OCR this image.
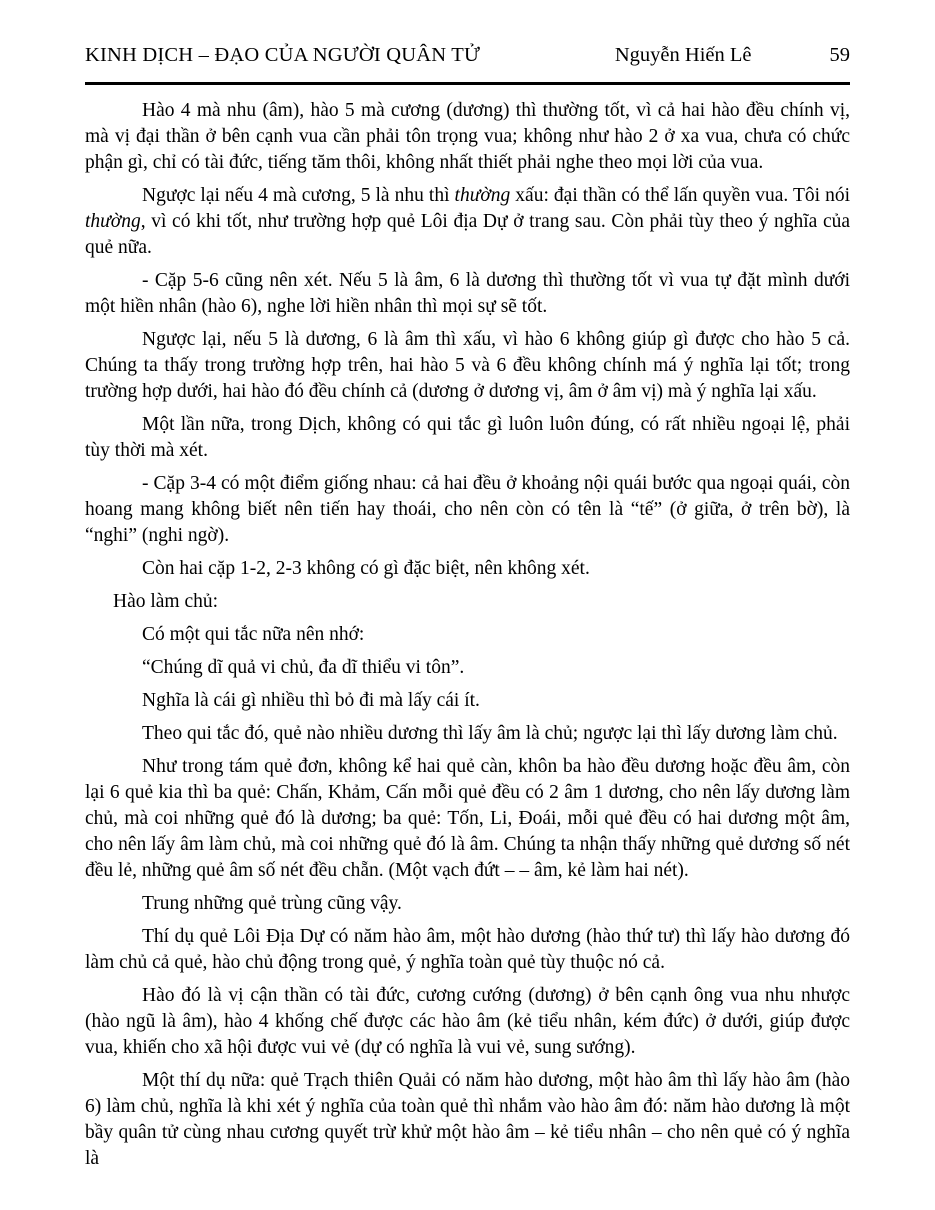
KINH DỊCH – ĐẠO CỦA NGƯỜI QUÂN TỬ	Nguyễn Hiến Lê	59

Hào 4 mà nhu (âm), hào 5 mà cương (dương) thì thường tốt, vì cả hai hào đều chính vị, mà vị đại thần ở bên cạnh vua cần phải tôn trọng vua; không như hào 2 ở xa vua, chưa có chức phận gì, chỉ có tài đức, tiếng tăm thôi, không nhất thiết phải nghe theo mọi lời của vua.

Ngược lại nếu 4 mà cương, 5 là nhu thì thường xấu: đại thần có thể lấn quyền vua. Tôi nói thường, vì có khi tốt, như trường hợp quẻ Lôi địa Dự ở trang sau. Còn phải tùy theo ý nghĩa của quẻ nữa.

- Cặp 5-6 cũng nên xét. Nếu 5 là âm, 6 là dương thì thường tốt vì vua tự đặt mình dưới một hiền nhân (hào 6), nghe lời hiền nhân thì mọi sự sẽ tốt.

Ngược lại, nếu 5 là dương, 6 là âm thì xấu, vì hào 6 không giúp gì được cho hào 5 cả. Chúng ta thấy trong trường hợp trên, hai hào 5 và 6 đều không chính má ý nghĩa lại tốt; trong trường hợp dưới, hai hào đó đều chính cả (dương ở dương vị, âm ở âm vị) mà ý nghĩa lại xấu.

Một lần nữa, trong Dịch, không có qui tắc gì luôn luôn đúng, có rất nhiều ngoại lệ, phải tùy thời mà xét.

- Cặp 3-4 có một điểm giống nhau: cả hai đều ở khoảng nội quái bước qua ngoại quái, còn hoang mang không biết nên tiến hay thoái, cho nên còn có tên là “tế” (ở giữa, ở trên bờ), là “nghi” (nghi ngờ).

Còn hai cặp 1-2, 2-3 không có gì đặc biệt, nên không xét.

Hào làm chủ:

Có một qui tắc nữa nên nhớ:

“Chúng dĩ quả vi chủ, đa dĩ thiểu vi tôn”.

Nghĩa là cái gì nhiều thì bỏ đi mà lấy cái ít.

Theo qui tắc đó, quẻ nào nhiều dương thì lấy âm là chủ; ngược lại thì lấy dương làm chủ.

Như trong tám quẻ đơn, không kể hai quẻ càn, khôn ba hào đều dương hoặc đều âm, còn lại 6 quẻ kia thì ba quẻ: Chấn, Khảm, Cấn mỗi quẻ đều có 2 âm 1 dương, cho nên lấy dương làm chủ, mà coi những quẻ đó là dương; ba quẻ: Tốn, Li, Đoái, mỗi quẻ đều có hai dương một âm, cho nên lấy âm làm chủ, mà coi những quẻ đó là âm. Chúng ta nhận thấy những quẻ dương số nét đều lẻ, những quẻ âm số nét đều chẵn. (Một vạch đứt – – âm, kẻ làm hai nét).

Trung những quẻ trùng cũng vậy.

Thí dụ quẻ Lôi Địa Dự có năm hào âm, một hào dương (hào thứ tư) thì lấy hào dương đó làm chủ cả quẻ, hào chủ động trong quẻ, ý nghĩa toàn quẻ tùy thuộc nó cả.

Hào đó là vị cận thần có tài đức, cương cướng (dương) ở bên cạnh ông vua nhu nhược (hào ngũ là âm), hào 4 khống chế được các hào âm (kẻ tiểu nhân, kém đức) ở dưới, giúp được vua, khiến cho xã hội được vui vẻ (dự có nghĩa là vui vẻ, sung sướng).

Một thí dụ nữa: quẻ Trạch thiên Quải có năm hào dương, một hào âm thì lấy hào âm (hào 6) làm chủ, nghĩa là khi xét ý nghĩa của toàn quẻ thì nhắm vào hào âm đó: năm hào dương là một bầy quân tử cùng nhau cương quyết trừ khử một hào âm – kẻ tiểu nhân – cho nên quẻ có ý nghĩa là
